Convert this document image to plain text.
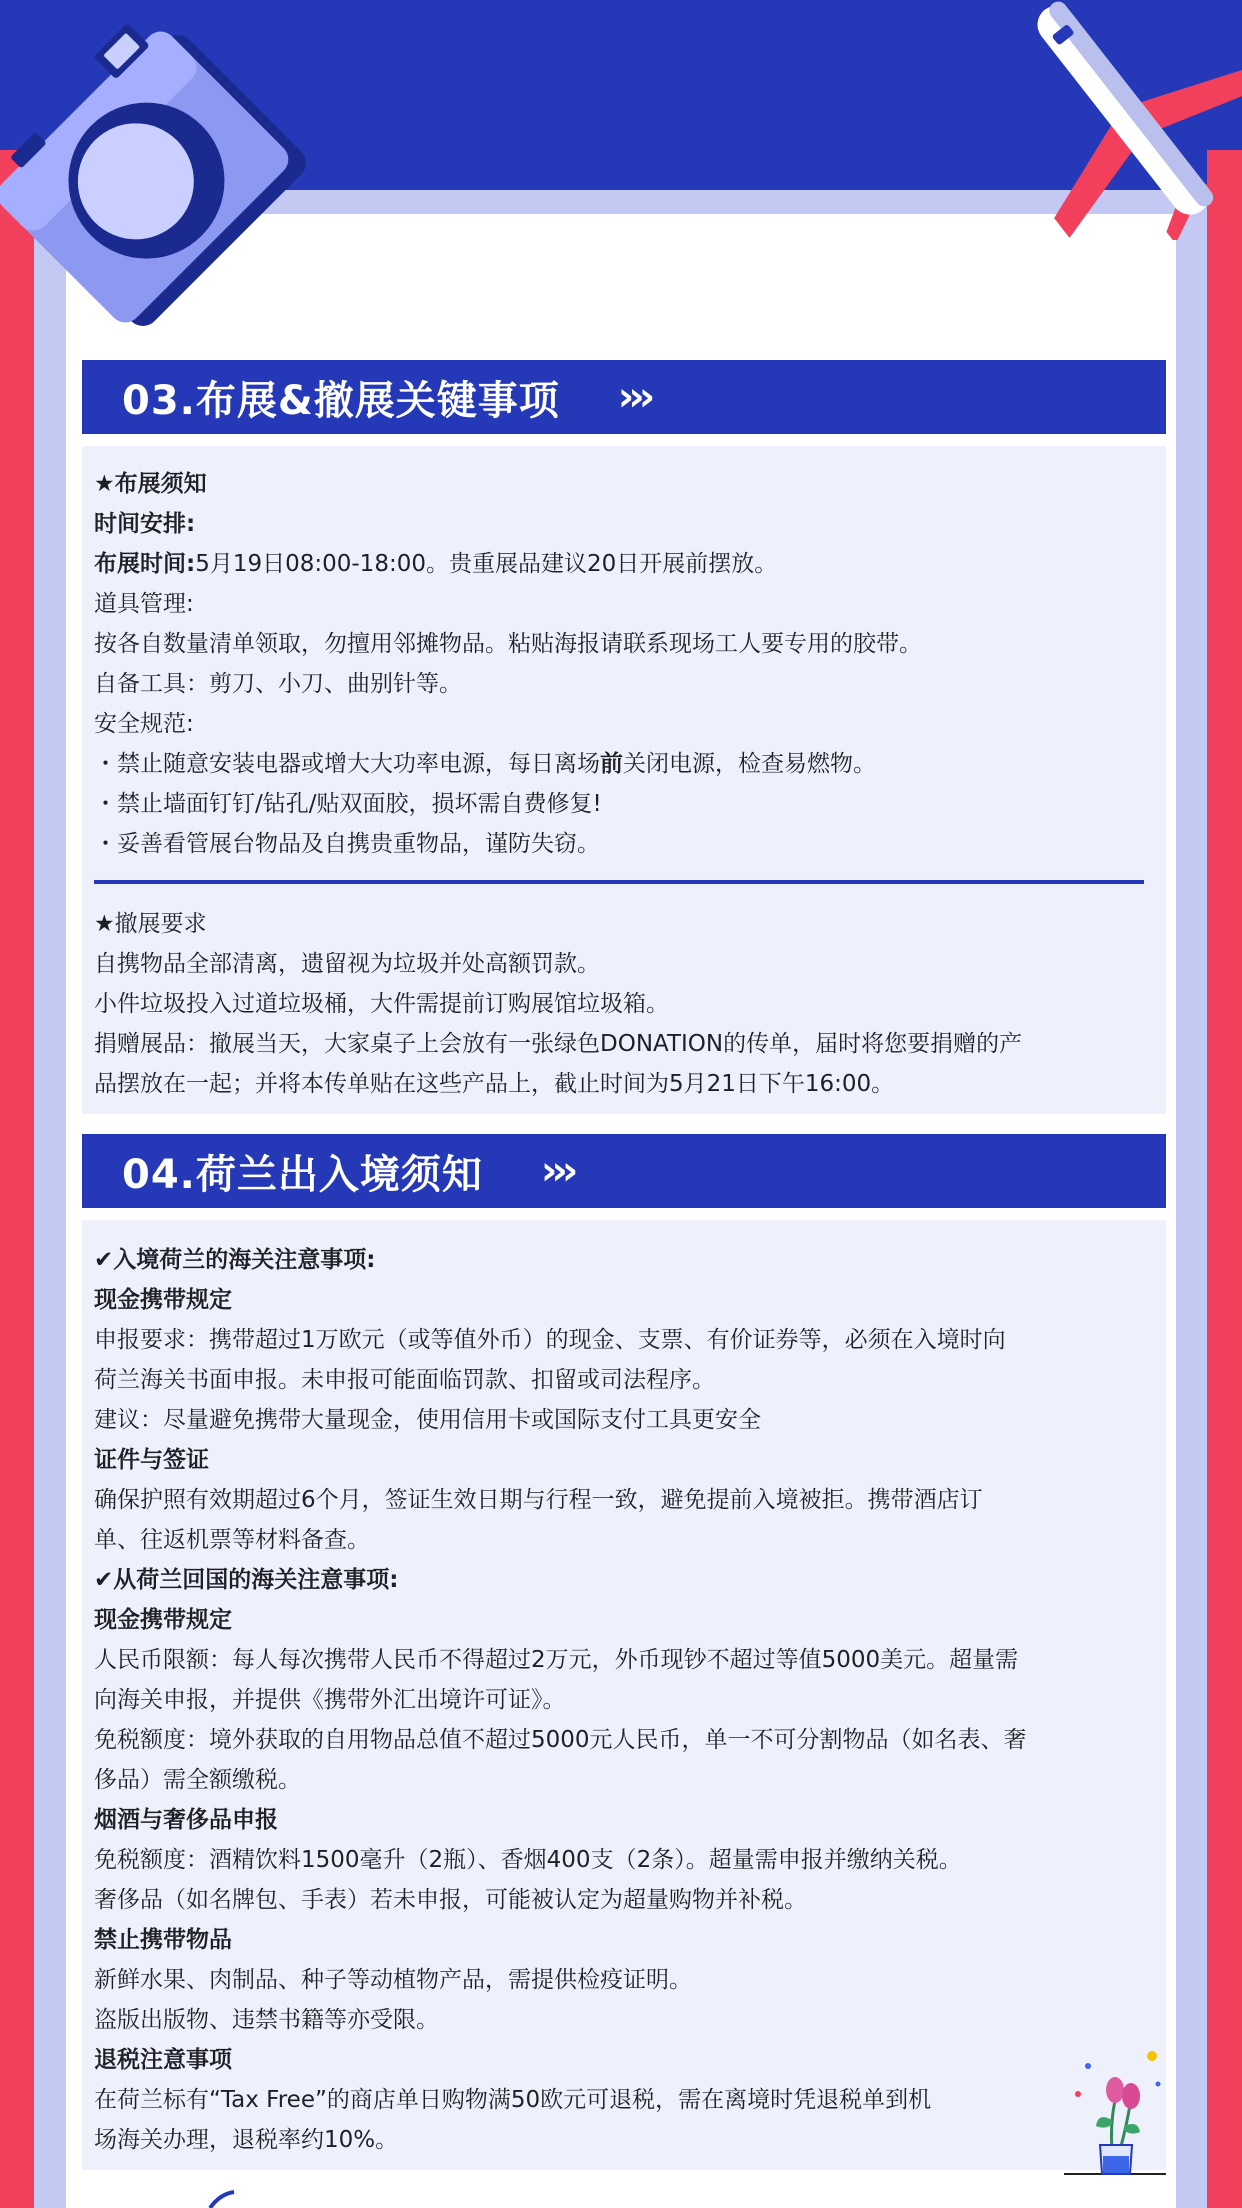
03.布展&撤展关键事项 ›››
★布展须知
时间安排:
布展时间:5月19日08:00-18:00。贵重展品建议20日开展前摆放。
道具管理:
按各自数量清单领取，勿擅用邻摊物品。粘贴海报请联系现场工人要专用的胶带。
自备工具：剪刀、小刀、曲别针等。
安全规范:
・禁止随意安装电器或增大大功率电源，每日离场前关闭电源，检查易燃物。
・禁止墙面钉钉/钻孔/贴双面胶，损坏需自费修复!
・妥善看管展台物品及自携贵重物品，谨防失窃。
★撤展要求
自携物品全部清离，遗留视为垃圾并处高额罚款。
小件垃圾投入过道垃圾桶，大件需提前订购展馆垃圾箱。
捐赠展品：撤展当天，大家桌子上会放有一张绿色DONATION的传单，届时将您要捐赠的产
品摆放在一起；并将本传单贴在这些产品上，截止时间为5月21日下午16:00。
04.荷兰出入境须知 ›››
✔入境荷兰的海关注意事项:
现金携带规定
申报要求：携带超过1万欧元（或等值外币）的现金、支票、有价证券等，必须在入境时向
荷兰海关书面申报。未申报可能面临罚款、扣留或司法程序。
建议：尽量避免携带大量现金，使用信用卡或国际支付工具更安全
证件与签证
确保护照有效期超过6个月，签证生效日期与行程一致，避免提前入境被拒。携带酒店订
单、往返机票等材料备查。
✔从荷兰回国的海关注意事项:
现金携带规定
人民币限额：每人每次携带人民币不得超过2万元，外币现钞不超过等值5000美元。超量需
向海关申报，并提供《携带外汇出境许可证》。
免税额度：境外获取的自用物品总值不超过5000元人民币，单一不可分割物品（如名表、奢
侈品）需全额缴税。
烟酒与奢侈品申报
免税额度：酒精饮料1500毫升（2瓶）、香烟400支（2条）。超量需申报并缴纳关税。
奢侈品（如名牌包、手表）若未申报，可能被认定为超量购物并补税。
禁止携带物品
新鲜水果、肉制品、种子等动植物产品，需提供检疫证明。
盗版出版物、违禁书籍等亦受限。
退税注意事项
在荷兰标有“Tax Free”的商店单日购物满50欧元可退税，需在离境时凭退税单到机
场海关办理，退税率约10%。
